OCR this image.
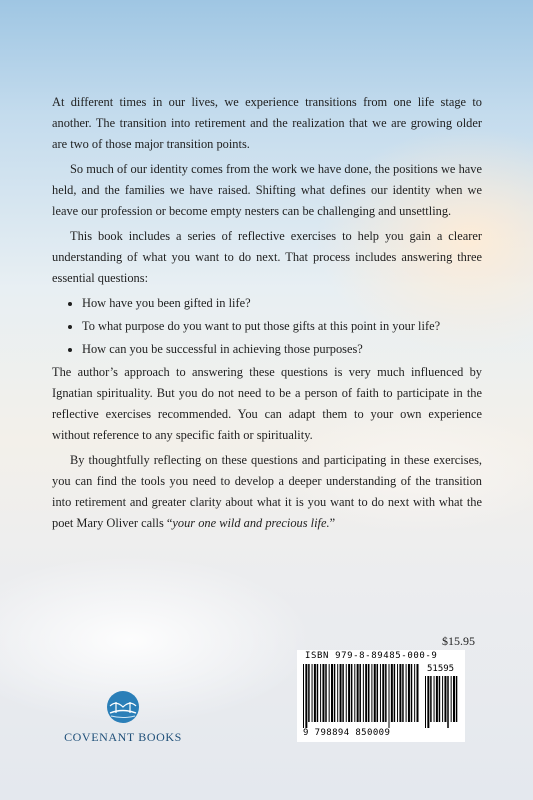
At different times in our lives, we experience transitions from one life stage to another. The transition into retirement and the realization that we are growing older are two of those major transition points.

So much of our identity comes from the work we have done, the positions we have held, and the families we have raised. Shifting what defines our identity when we leave our profession or become empty nesters can be challenging and unsettling.

This book includes a series of reflective exercises to help you gain a clearer understanding of what you want to do next. That process includes answering three essential questions:

• How have you been gifted in life?
• To what purpose do you want to put those gifts at this point in your life?
• How can you be successful in achieving those purposes?

The author’s approach to answering these questions is very much influenced by Ignatian spirituality. But you do not need to be a person of faith to participate in the reflective exercises recommended. You can adapt them to your own experience without reference to any specific faith or spirituality.

By thoughtfully reflecting on these questions and participating in these exercises, you can find the tools you need to develop a deeper understanding of the transition into retirement and greater clarity about what it is you want to do next with what the poet Mary Oliver calls “your one wild and precious life.”

$15.95
ISBN 979-8-89485-000-9
51595
9 798894 850009
COVENANT BOOKS
